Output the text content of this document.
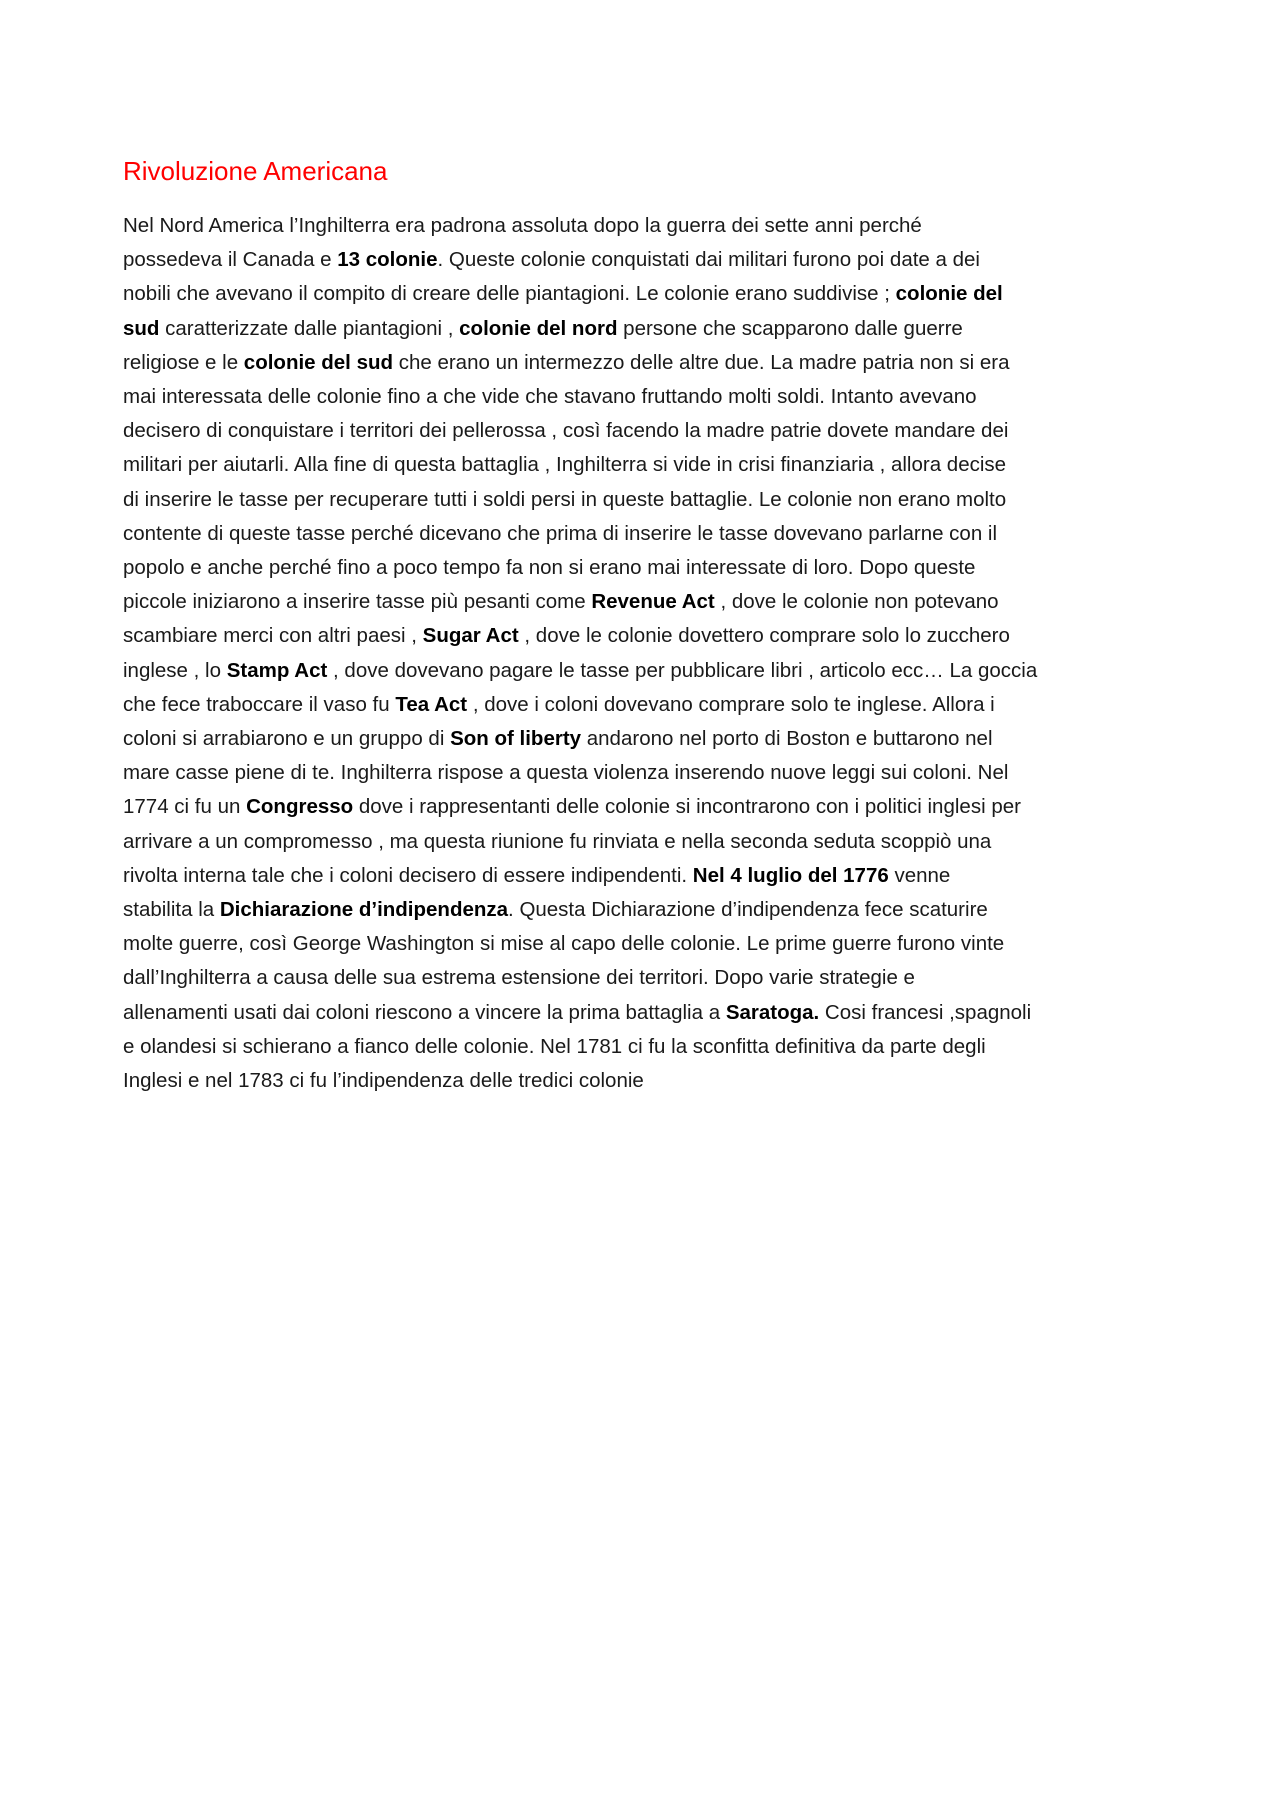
Rivoluzione Americana
Nel Nord America l’Inghilterra era padrona assoluta dopo la guerra dei sette anni perché
possedeva il Canada e 13 colonie. Queste colonie conquistati dai militari furono poi date a dei
nobili che avevano il compito di creare delle piantagioni. Le colonie erano suddivise ; colonie del
sud caratterizzate dalle piantagioni , colonie del nord persone che scapparono dalle guerre
religiose e le colonie del sud che erano un intermezzo delle altre due. La madre patria non si era
mai interessata delle colonie fino a che vide che stavano fruttando molti soldi. Intanto avevano
decisero di conquistare i territori dei pellerossa , così facendo la madre patrie dovete mandare dei
militari per aiutarli. Alla fine di questa battaglia , Inghilterra si vide in crisi finanziaria , allora decise
di inserire le tasse per recuperare tutti i soldi persi in queste battaglie. Le colonie non erano molto
contente di queste tasse perché dicevano che prima di inserire le tasse dovevano parlarne con il
popolo e anche perché fino a poco tempo fa non si erano mai interessate di loro. Dopo queste
piccole iniziarono a inserire tasse più pesanti come Revenue Act , dove le colonie non potevano
scambiare merci con altri paesi , Sugar Act , dove le colonie dovettero comprare solo lo zucchero
inglese , lo Stamp Act , dove dovevano pagare le tasse per pubblicare libri , articolo ecc… La goccia
che fece traboccare il vaso fu Tea Act , dove i coloni dovevano comprare solo te inglese. Allora i
coloni si arrabiarono e un gruppo di Son of liberty andarono nel porto di Boston e buttarono nel
mare casse piene di te. Inghilterra rispose a questa violenza inserendo nuove leggi sui coloni. Nel
1774 ci fu un Congresso dove i rappresentanti delle colonie si incontrarono con i politici inglesi per
arrivare a un compromesso , ma questa riunione fu rinviata e nella seconda seduta scoppiò una
rivolta interna tale che i coloni decisero di essere indipendenti. Nel 4 luglio del 1776 venne
stabilita la Dichiarazione d’indipendenza. Questa Dichiarazione d’indipendenza fece scaturire
molte guerre, così George Washington si mise al capo delle colonie. Le prime guerre furono vinte
dall’Inghilterra a causa delle sua estrema estensione dei territori. Dopo varie strategie e
allenamenti usati dai coloni riescono a vincere la prima battaglia a Saratoga. Cosi francesi ,spagnoli
e olandesi si schierano a fianco delle colonie. Nel 1781 ci fu la sconfitta definitiva da parte degli
Inglesi e nel 1783 ci fu l’indipendenza delle tredici colonie
